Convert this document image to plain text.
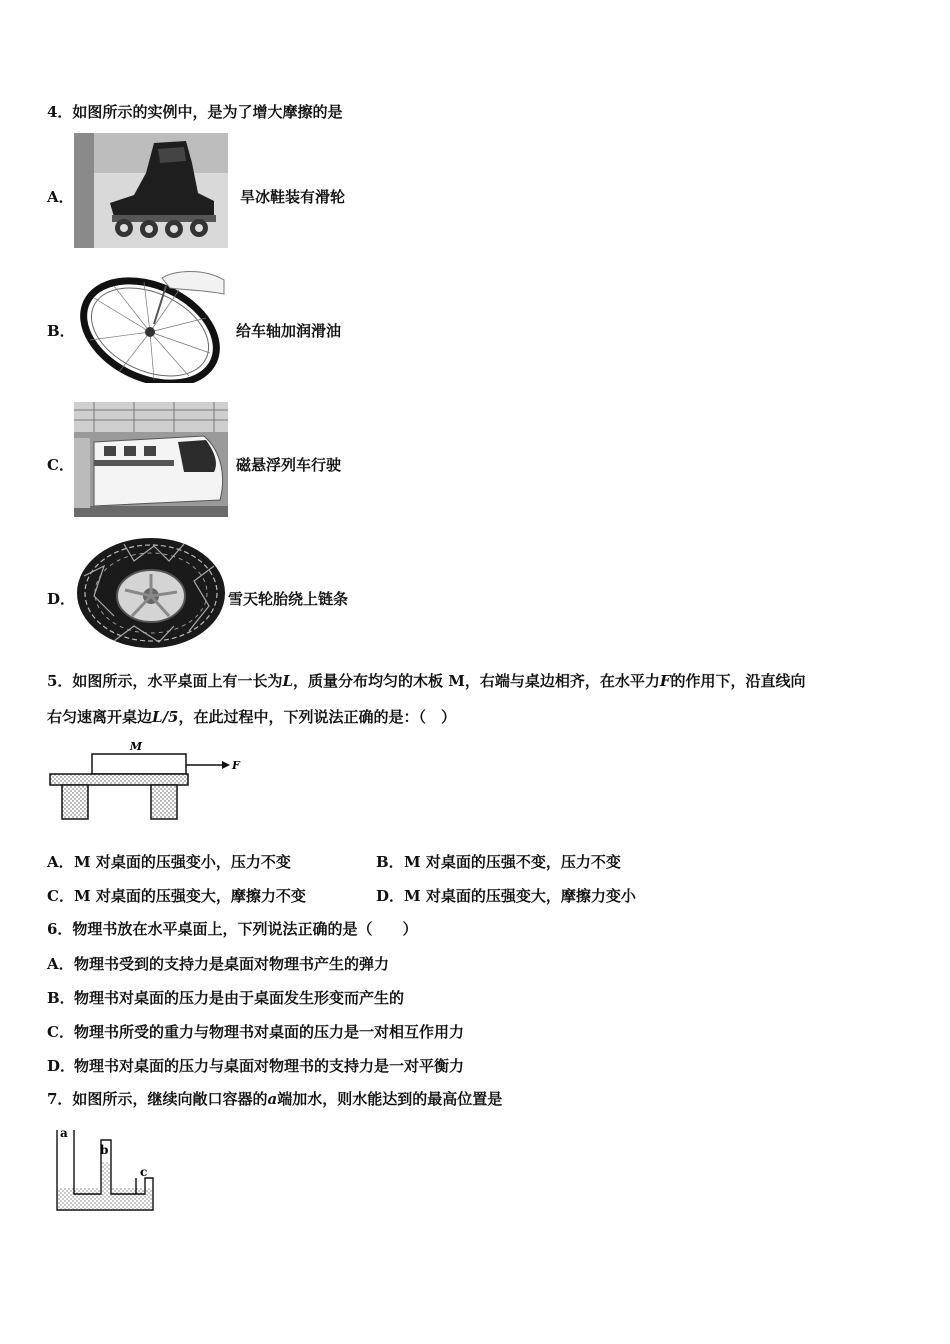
4．如图所示的实例中，是为了增大摩擦的是
A．	旱冰鞋装有滑轮
B．	给车轴加润滑油
C．	磁悬浮列车行驶
D．	雪天轮胎绕上链条
5．如图所示，水平桌面上有一长为L，质量分布均匀的木板 M，右端与桌边相齐，在水平力F的作用下，沿直线向
右匀速离开桌边L/5，在此过程中，下列说法正确的是：（　）
M
F
A． M 对桌面的压强变小，压力不变	B． M 对桌面的压强不变，压力不变
C． M 对桌面的压强变大，摩擦力不变	D． M 对桌面的压强变大，摩擦力变小
6．物理书放在水平桌面上，下列说法正确的是（　　）
A． 物理书受到的支持力是桌面对物理书产生的弹力
B． 物理书对桌面的压力是由于桌面发生形变而产生的
C． 物理书所受的重力与物理书对桌面的压力是一对相互作用力
D．
物理书对桌面的压力与桌面对物理书的支持力是一对平衡力
7．如图所示，继续向敞口容器的a端加水，则水能达到的最高位置是
a
b
c
